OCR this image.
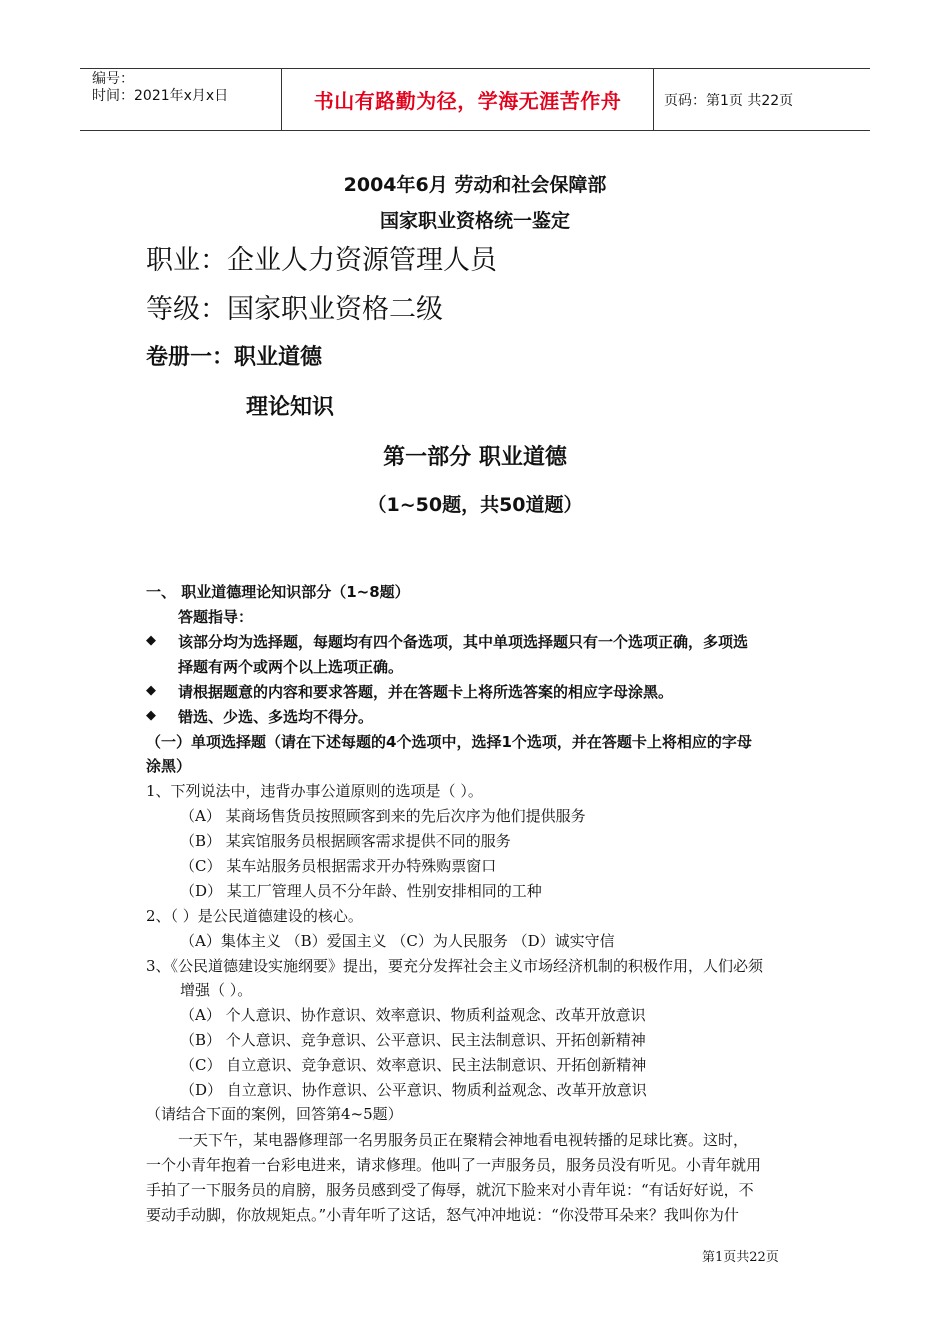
编号：
时间：2021年x月x日	书山有路勤为径，学海无涯苦作舟	页码：第1页 共22页
2004年6月 劳动和社会保障部
国家职业资格统一鉴定
职业：企业人力资源管理人员
等级：国家职业资格二级
卷册一：职业道德
理论知识
第一部分 职业道德
（1~50题，共50道题）
一、 职业道德理论知识部分（1~8题）
答题指导：
◆ 该部分均为选择题，每题均有四个备选项，其中单项选择题只有一个选项正确，多项选
择题有两个或两个以上选项正确。
◆ 请根据题意的内容和要求答题，并在答题卡上将所选答案的相应字母涂黑。
◆ 错选、少选、多选均不得分。
（一）单项选择题（请在下述每题的4个选项中，选择1个选项，并在答题卡上将相应的字母
涂黑）
1、下列说法中，违背办事公道原则的选项是（ ）。
（A） 某商场售货员按照顾客到来的先后次序为他们提供服务
（B） 某宾馆服务员根据顾客需求提供不同的服务
（C） 某车站服务员根据需求开办特殊购票窗口
（D） 某工厂管理人员不分年龄、性别安排相同的工种
2、（ ）是公民道德建设的核心。
（A）集体主义 （B）爱国主义 （C）为人民服务 （D）诚实守信
3、《公民道德建设实施纲要》提出，要充分发挥社会主义市场经济机制的积极作用，人们必须
增强（ ）。
（A） 个人意识、协作意识、效率意识、物质利益观念、改革开放意识
（B） 个人意识、竞争意识、公平意识、民主法制意识、开拓创新精神
（C） 自立意识、竞争意识、效率意识、民主法制意识、开拓创新精神
（D） 自立意识、协作意识、公平意识、物质利益观念、改革开放意识
（请结合下面的案例，回答第4~5题）
一天下午，某电器修理部一名男服务员正在聚精会神地看电视转播的足球比赛。这时，
一个小青年抱着一台彩电进来，请求修理。他叫了一声服务员，服务员没有听见。小青年就用
手拍了一下服务员的肩膀，服务员感到受了侮辱，就沉下脸来对小青年说：“有话好好说，不
要动手动脚，你放规矩点。”小青年听了这话，怒气冲冲地说：“你没带耳朵来？我叫你为什
第1页共22页
